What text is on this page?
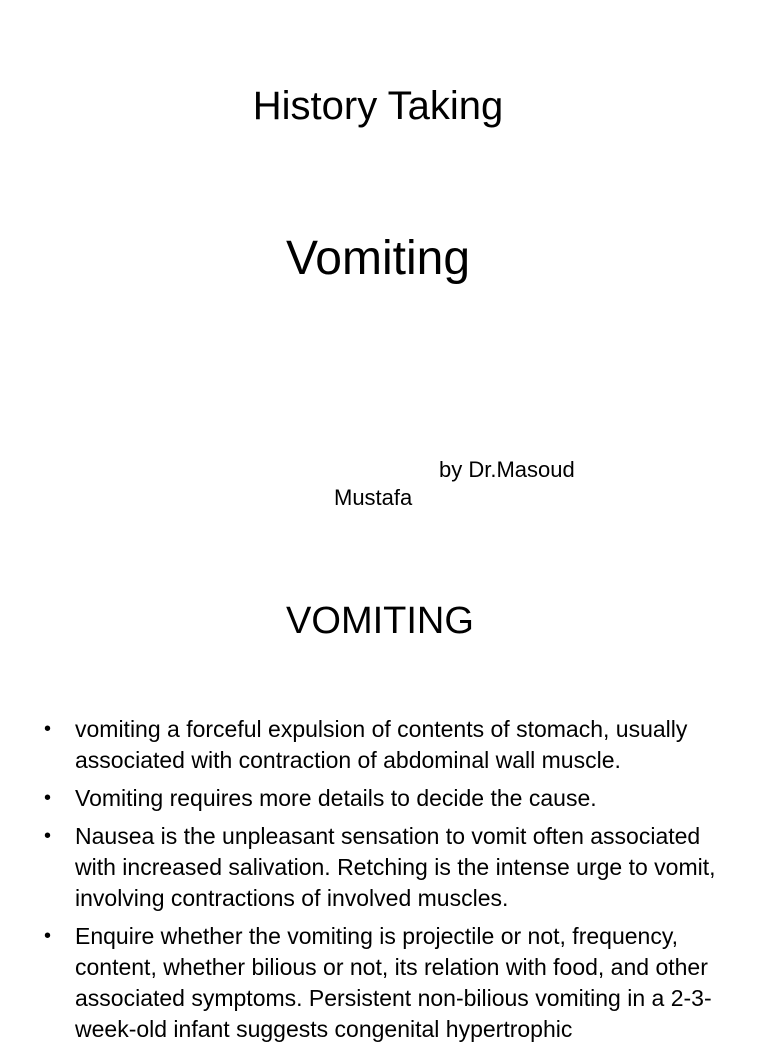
History Taking
Vomiting
by Dr.Masoud
Mustafa
VOMITING
• vomiting a forceful expulsion of contents of stomach, usually associated with contraction of abdominal wall muscle.
• Vomiting requires more details to decide the cause.
• Nausea is the unpleasant sensation to vomit often associated with increased salivation. Retching is the intense urge to vomit, involving contractions of involved muscles.
• Enquire whether the vomiting is projectile or not, frequency, content, whether bilious or not, its relation with food, and other associated symptoms. Persistent non-bilious vomiting in a 2-3-week-old infant suggests congenital hypertrophic
